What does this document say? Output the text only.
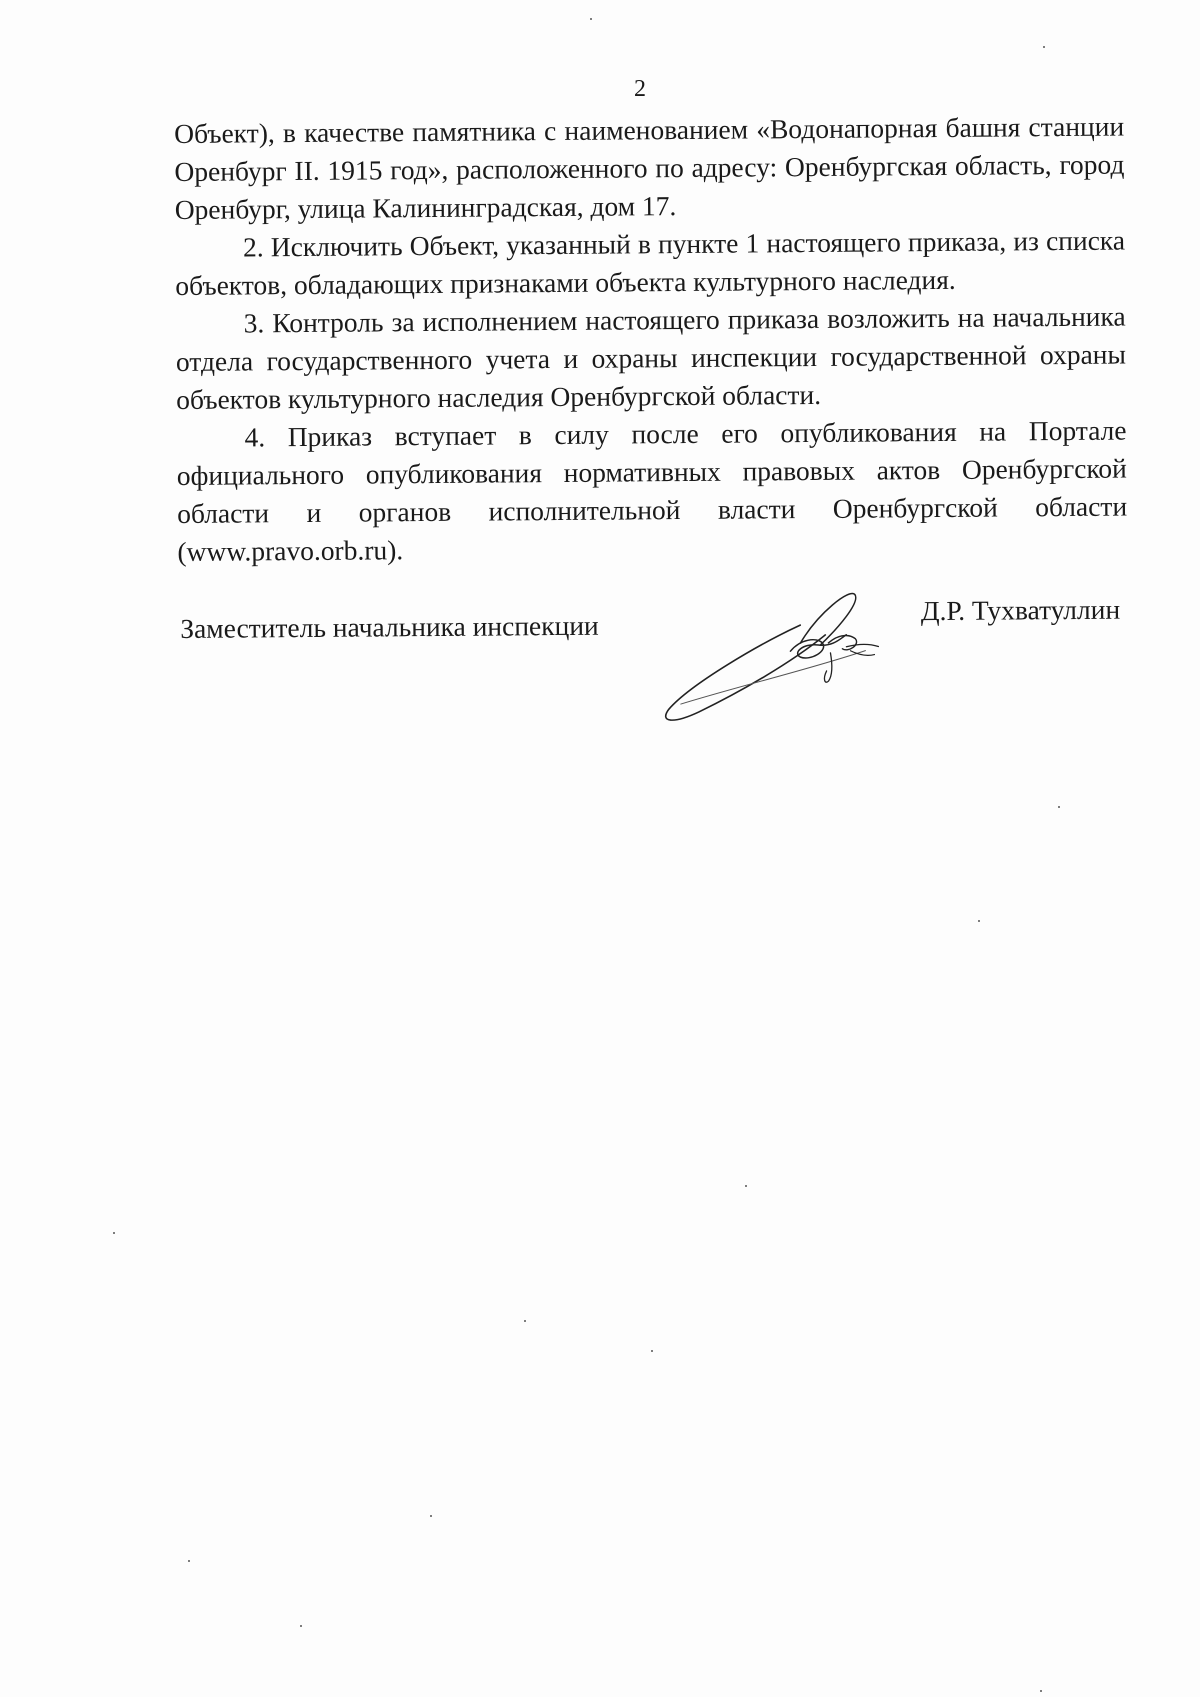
2

Объект), в качестве памятника с наименованием «Водонапорная башня станции Оренбург II. 1915 год», расположенного по адресу: Оренбургская область, город Оренбург, улица Калининградская, дом 17.

2. Исключить Объект, указанный в пункте 1 настоящего приказа, из списка объектов, обладающих признаками объекта культурного наследия.

3. Контроль за исполнением настоящего приказа возложить на начальника отдела государственного учета и охраны инспекции государственной охраны объектов культурного наследия Оренбургской области.

4. Приказ вступает в силу после его опубликования на Портале официального опубликования нормативных правовых актов Оренбургской области и органов исполнительной власти Оренбургской области (www.pravo.orb.ru).

Заместитель начальника инспекции	Д.Р. Тухватуллин
